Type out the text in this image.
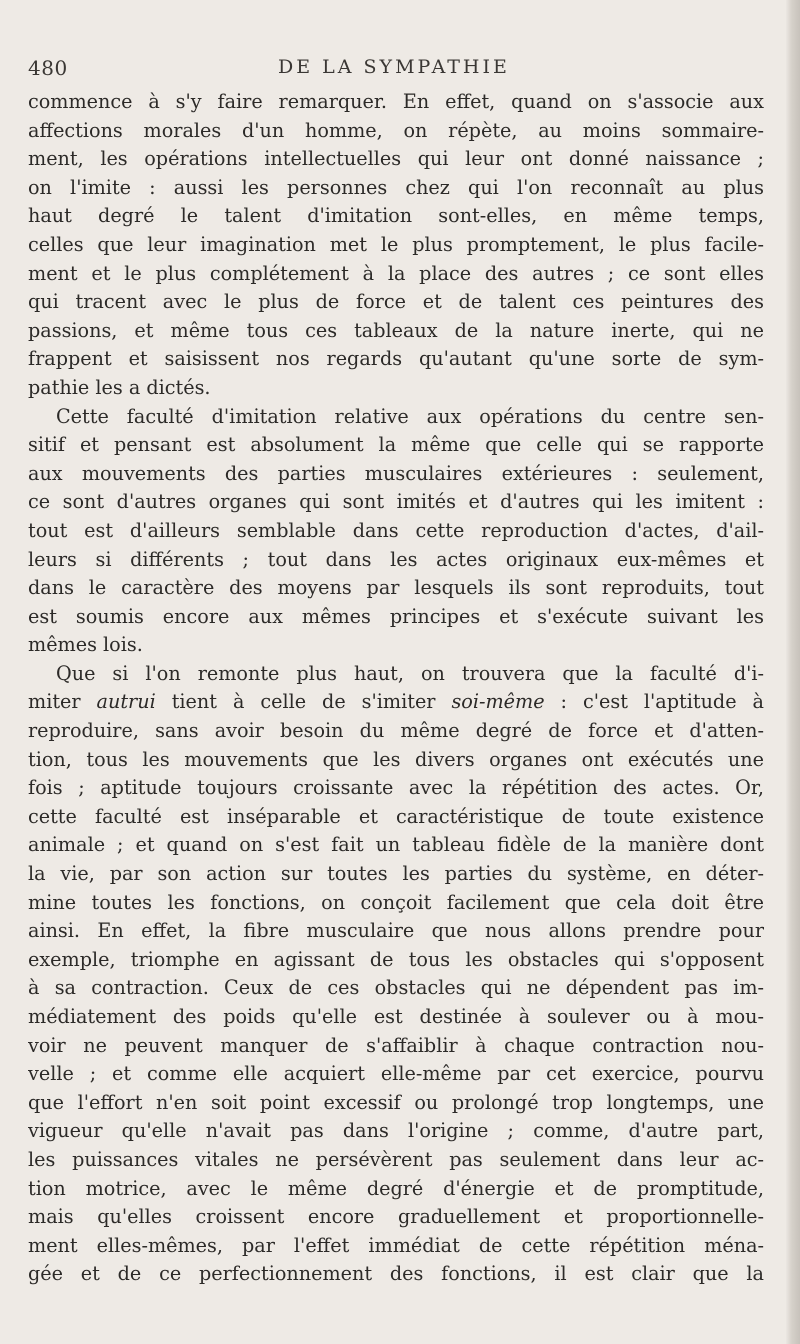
480	DE LA SYMPATHIE
commence à s'y faire remarquer. En effet, quand on s'associe aux
affections morales d'un homme, on répète, au moins sommaire-
ment, les opérations intellectuelles qui leur ont donné naissance ;
on l'imite : aussi les personnes chez qui l'on reconnaît au plus
haut degré le talent d'imitation sont-elles, en même temps,
celles que leur imagination met le plus promptement, le plus facile-
ment et le plus complétement à la place des autres ; ce sont elles
qui tracent avec le plus de force et de talent ces peintures des
passions, et même tous ces tableaux de la nature inerte, qui ne
frappent et saisissent nos regards qu'autant qu'une sorte de sym-
pathie les a dictés.
Cette faculté d'imitation relative aux opérations du centre sen-
sitif et pensant est absolument la même que celle qui se rapporte
aux mouvements des parties musculaires extérieures : seulement,
ce sont d'autres organes qui sont imités et d'autres qui les imitent :
tout est d'ailleurs semblable dans cette reproduction d'actes, d'ail-
leurs si différents ; tout dans les actes originaux eux-mêmes et
dans le caractère des moyens par lesquels ils sont reproduits, tout
est soumis encore aux mêmes principes et s'exécute suivant les
mêmes lois.
Que si l'on remonte plus haut, on trouvera que la faculté d'i-
miter autrui tient à celle de s'imiter soi-même : c'est l'aptitude à
reproduire, sans avoir besoin du même degré de force et d'atten-
tion, tous les mouvements que les divers organes ont exécutés une
fois ; aptitude toujours croissante avec la répétition des actes. Or,
cette faculté est inséparable et caractéristique de toute existence
animale ; et quand on s'est fait un tableau fidèle de la manière dont
la vie, par son action sur toutes les parties du système, en déter-
mine toutes les fonctions, on conçoit facilement que cela doit être
ainsi. En effet, la fibre musculaire que nous allons prendre pour
exemple, triomphe en agissant de tous les obstacles qui s'opposent
à sa contraction. Ceux de ces obstacles qui ne dépendent pas im-
médiatement des poids qu'elle est destinée à soulever ou à mou-
voir ne peuvent manquer de s'affaiblir à chaque contraction nou-
velle ; et comme elle acquiert elle-même par cet exercice, pourvu
que l'effort n'en soit point excessif ou prolongé trop longtemps, une
vigueur qu'elle n'avait pas dans l'origine ; comme, d'autre part,
les puissances vitales ne persévèrent pas seulement dans leur ac-
tion motrice, avec le même degré d'énergie et de promptitude,
mais qu'elles croissent encore graduellement et proportionnelle-
ment elles-mêmes, par l'effet immédiat de cette répétition ména-
gée et de ce perfectionnement des fonctions, il est clair que la
